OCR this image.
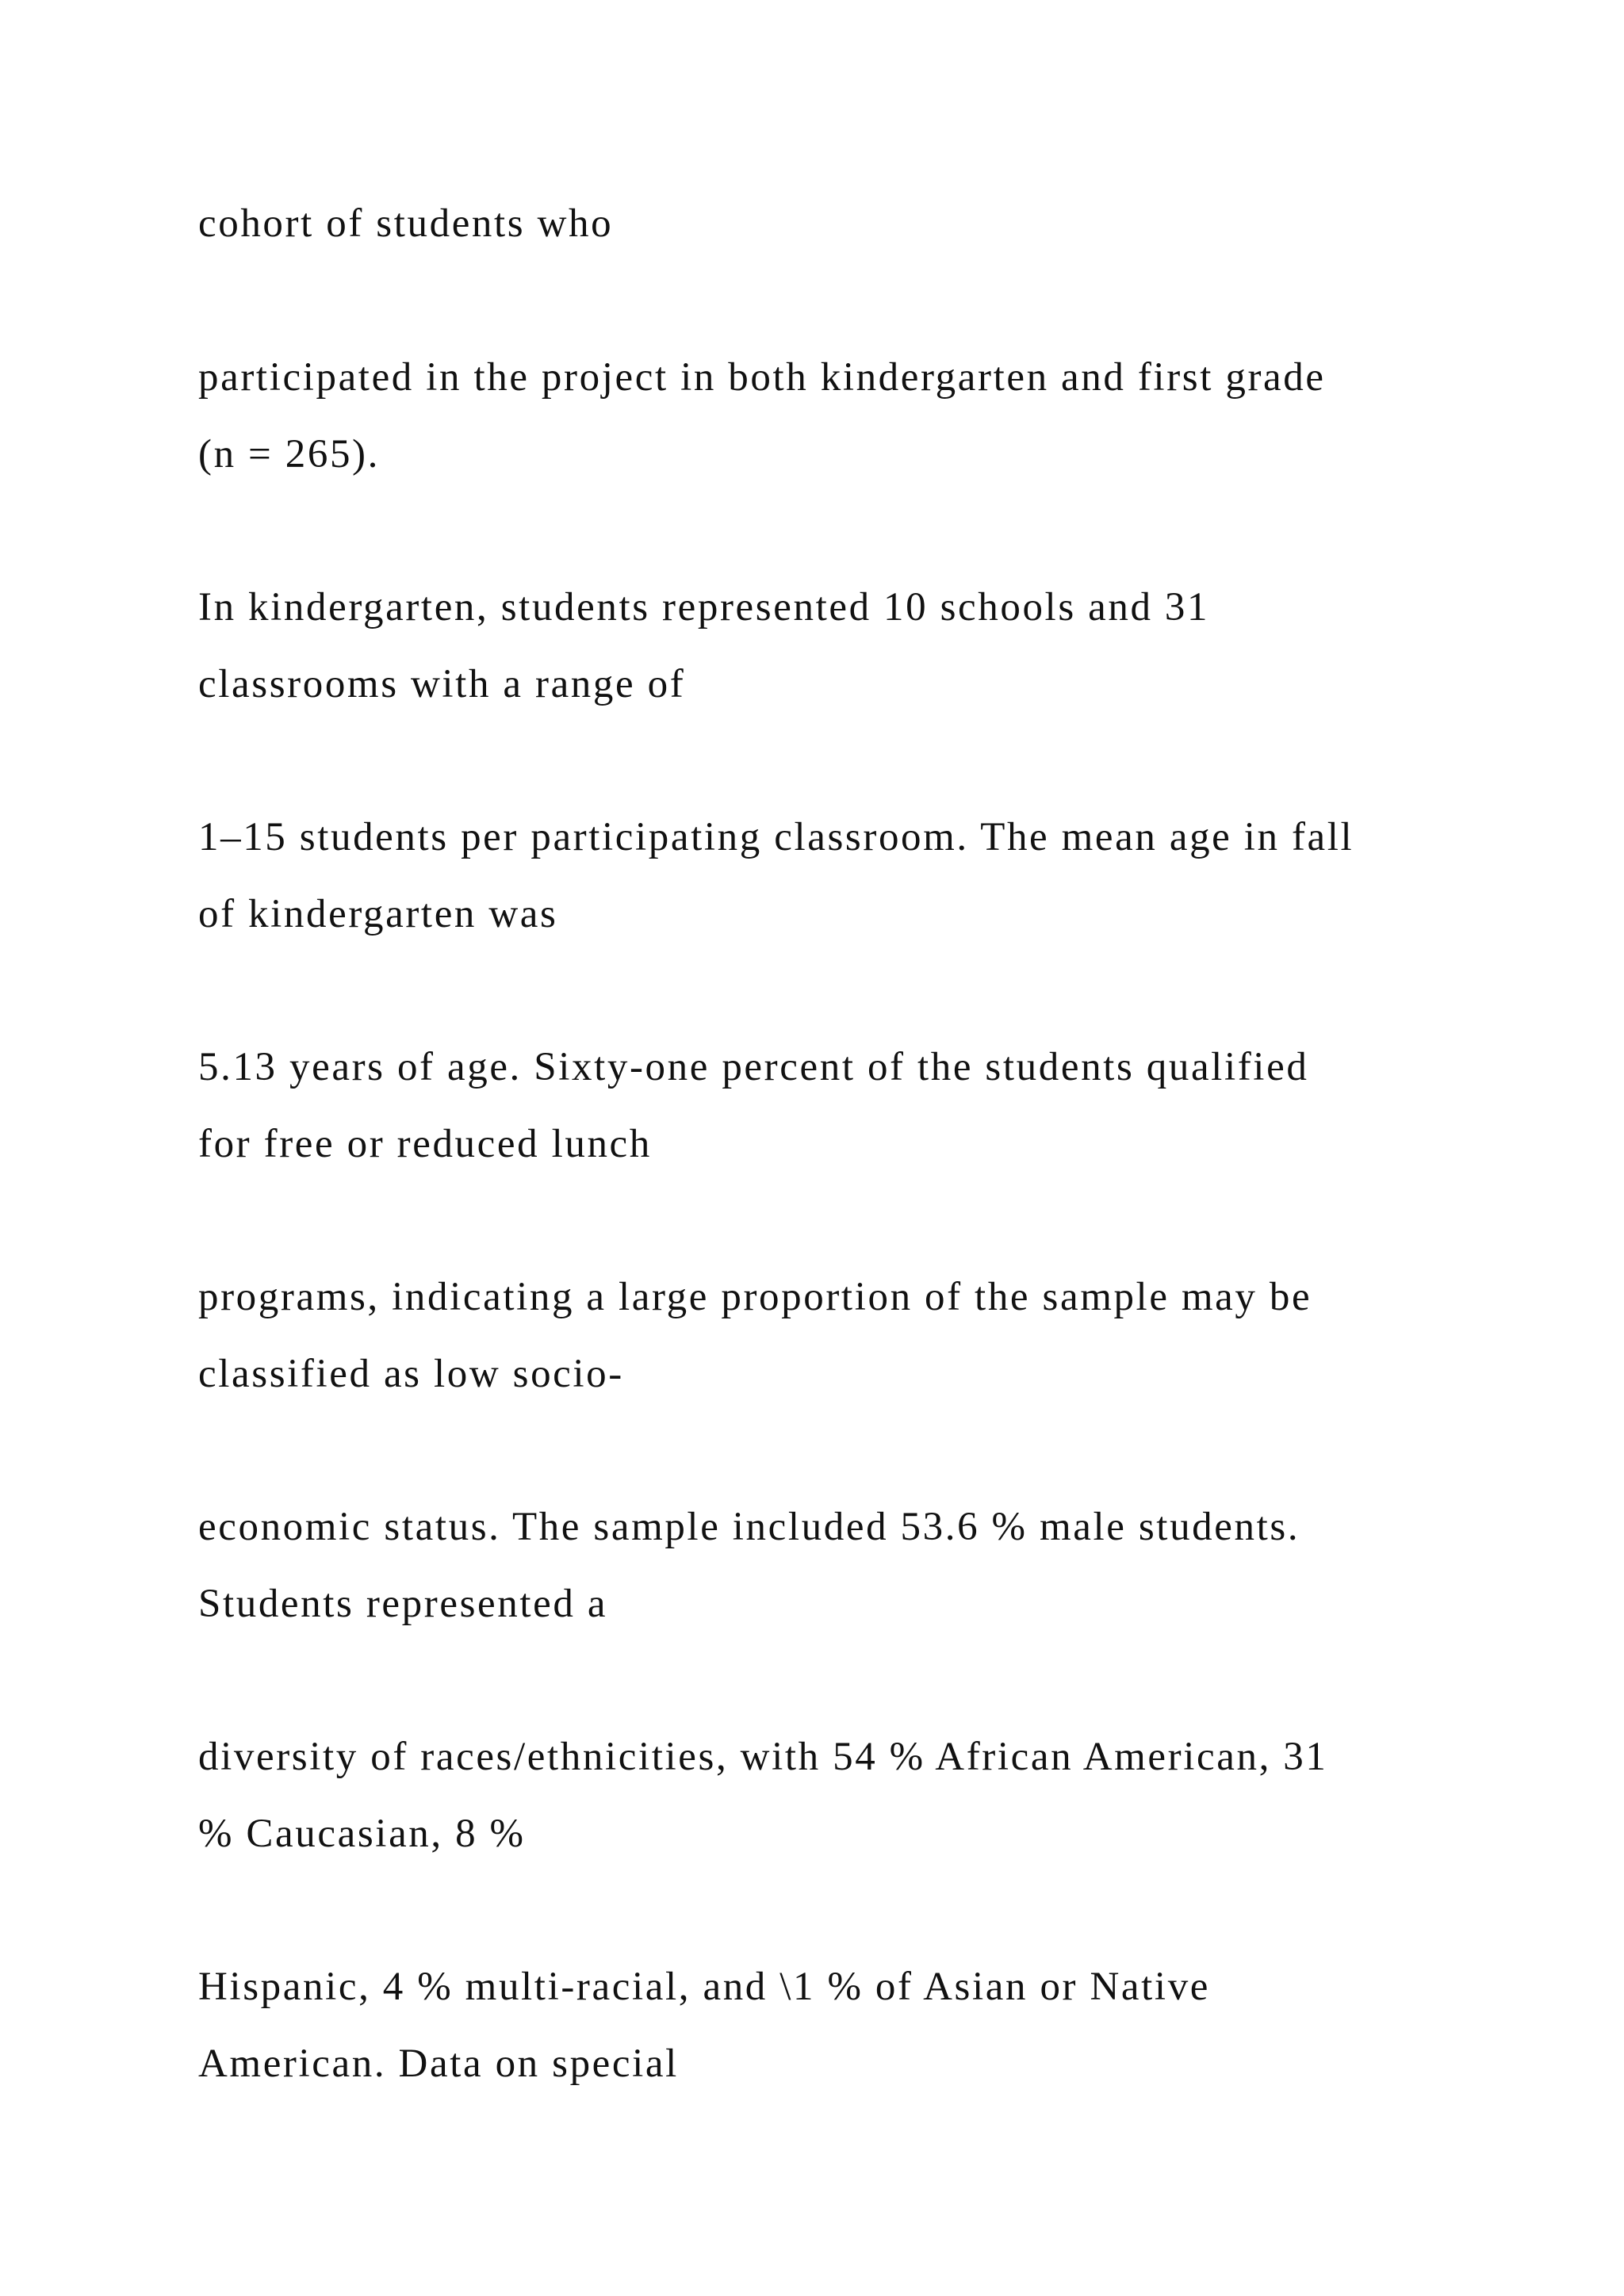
cohort of students who

participated in the project in both kindergarten and first grade

(n = 265).

In kindergarten, students represented 10 schools and 31

classrooms with a range of

1–15 students per participating classroom. The mean age in fall

of kindergarten was

5.13 years of age. Sixty-one percent of the students qualified

for free or reduced lunch

programs, indicating a large proportion of the sample may be

classified as low socio-

economic status. The sample included 53.6 % male students.

Students represented a

diversity of races/ethnicities, with 54 % African American, 31

% Caucasian, 8 %

Hispanic, 4 % multi-racial, and \1 % of Asian or Native

American. Data on special
